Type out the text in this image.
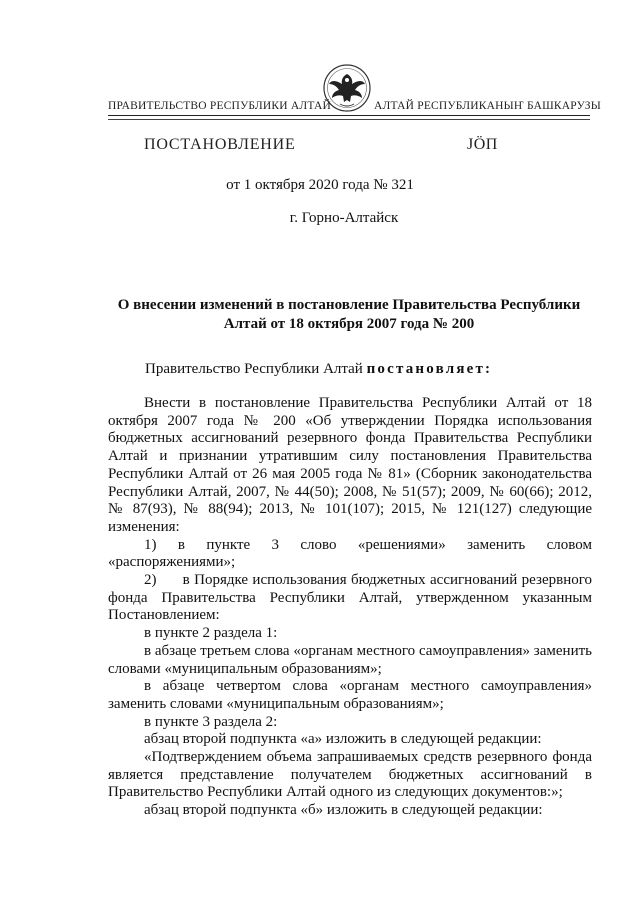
ПРАВИТЕЛЬСТВО РЕСПУБЛИКИ АЛТАЙ	АЛТАЙ РЕСПУБЛИКАНЫҤ БАШКАРУЗЫ
ПОСТАНОВЛЕНИЕ	ЈӦП
от 1 октября 2020 года № 321
г. Горно-Алтайск
О внесении изменений в постановление Правительства Республики Алтай от 18 октября 2007 года № 200
Правительство Республики Алтай постановляет:

Внести в постановление Правительства Республики Алтай от 18 октября 2007 года № 200 «Об утверждении Порядка использования бюджетных ассигнований резервного фонда Правительства Республики Алтай и признании утратившим силу постановления Правительства Республики Алтай от 26 мая 2005 года № 81» (Сборник законодательства Республики Алтай, 2007, № 44(50); 2008, № 51(57); 2009, № 60(66); 2012, № 87(93), № 88(94); 2013, № 101(107); 2015, № 121(127) следующие изменения:

1) в пункте 3 слово «решениями» заменить словом

«распоряжениями»;

2)      в Порядке использования бюджетных ассигнований резервного фонда Правительства Республики Алтай, утвержденном указанным Постановлением:

в пункте 2 раздела 1:

в абзаце третьем слова «органам местного самоуправления» заменить словами «муниципальным образованиям»;

в абзаце четвертом слова «органам местного самоуправления» заменить словами «муниципальным образованиям»;

в пункте 3 раздела 2:

абзац второй подпункта «а» изложить в следующей редакции:

«Подтверждением объема запрашиваемых средств резервного фонда является представление получателем бюджетных ассигнований в Правительство Республики Алтай одного из следующих документов:»;

абзац второй подпункта «б» изложить в следующей редакции:
